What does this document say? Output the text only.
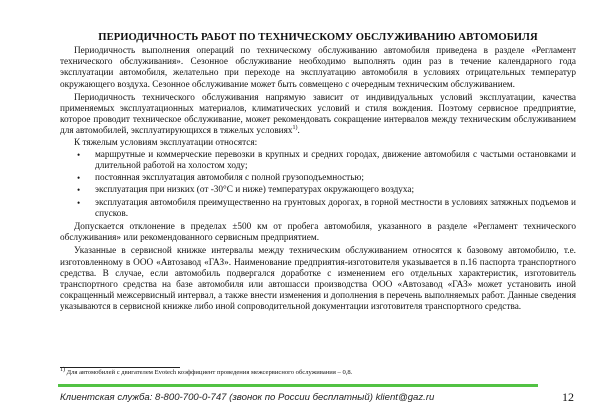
ПЕРИОДИЧНОСТЬ РАБОТ ПО ТЕХНИЧЕСКОМУ ОБСЛУЖИВАНИЮ АВТОМОБИЛЯ

Периодичность выполнения операций по техническому обслуживанию автомобиля приведена в разделе «Регламент технического обслуживания». Сезонное обслуживание необходимо выполнять один раз в течение календарного года эксплуатации автомобиля, желательно при переходе на эксплуатацию автомобиля в условиях отрицательных температур окружающего воздуха. Сезонное обслуживание может быть совмещено с очередным техническим обслуживанием.

Периодичность технического обслуживания напрямую зависит от индивидуальных условий эксплуатации, качества применяемых эксплуатационных материалов, климатических условий и стиля вождения. Поэтому сервисное предприятие, которое проводит техническое обслуживание, может рекомендовать сокращение интервалов между техническим обслуживанием для автомобилей, эксплуатирующихся в тяжелых условиях$^{1)}$.

К тяжелым условиям эксплуатации относятся:

• маршрутные и коммерческие перевозки в крупных и средних городах, движение автомобиля с частыми остановками и длительной работой на холостом ходу;
• постоянная эксплуатация автомобиля с полной грузоподъемностью;
• эксплуатация при низких (от -30°С и ниже) температурах окружающего воздуха;
• эксплуатация автомобиля преимущественно на грунтовых дорогах, в горной местности в условиях затяжных подъемов и спусков.

Допускается отклонение в пределах ±500 км от пробега автомобиля, указанного в разделе «Регламент технического обслуживания» или рекомендованного сервисным предприятием.

Указанные в сервисной книжке интервалы между техническим обслуживанием относятся к базовому автомобилю, т.е. изготовленному в ООО «Автозавод «ГАЗ». Наименование предприятия-изготовителя указывается в п.16 паспорта транспортного средства. В случае, если автомобиль подвергался доработке с изменением его отдельных характеристик, изготовитель транспортного средства на базе автомобиля или автошасси производства ООО «Автозавод «ГАЗ» может установить иной сокращенный межсервисный интервал, а также внести изменения и дополнения в перечень выполняемых работ. Данные сведения указываются в сервисной книжке либо иной сопроводительной документации изготовителя транспортного средства.

$^{1)}$ Для автомобилей с двигателем Evotech коэффициент проведения межсервисного обслуживания – 0,8.
Клиентская служба: 8-800-700-0-747 (звонок по России бесплатный) klient@gaz.ru	12
